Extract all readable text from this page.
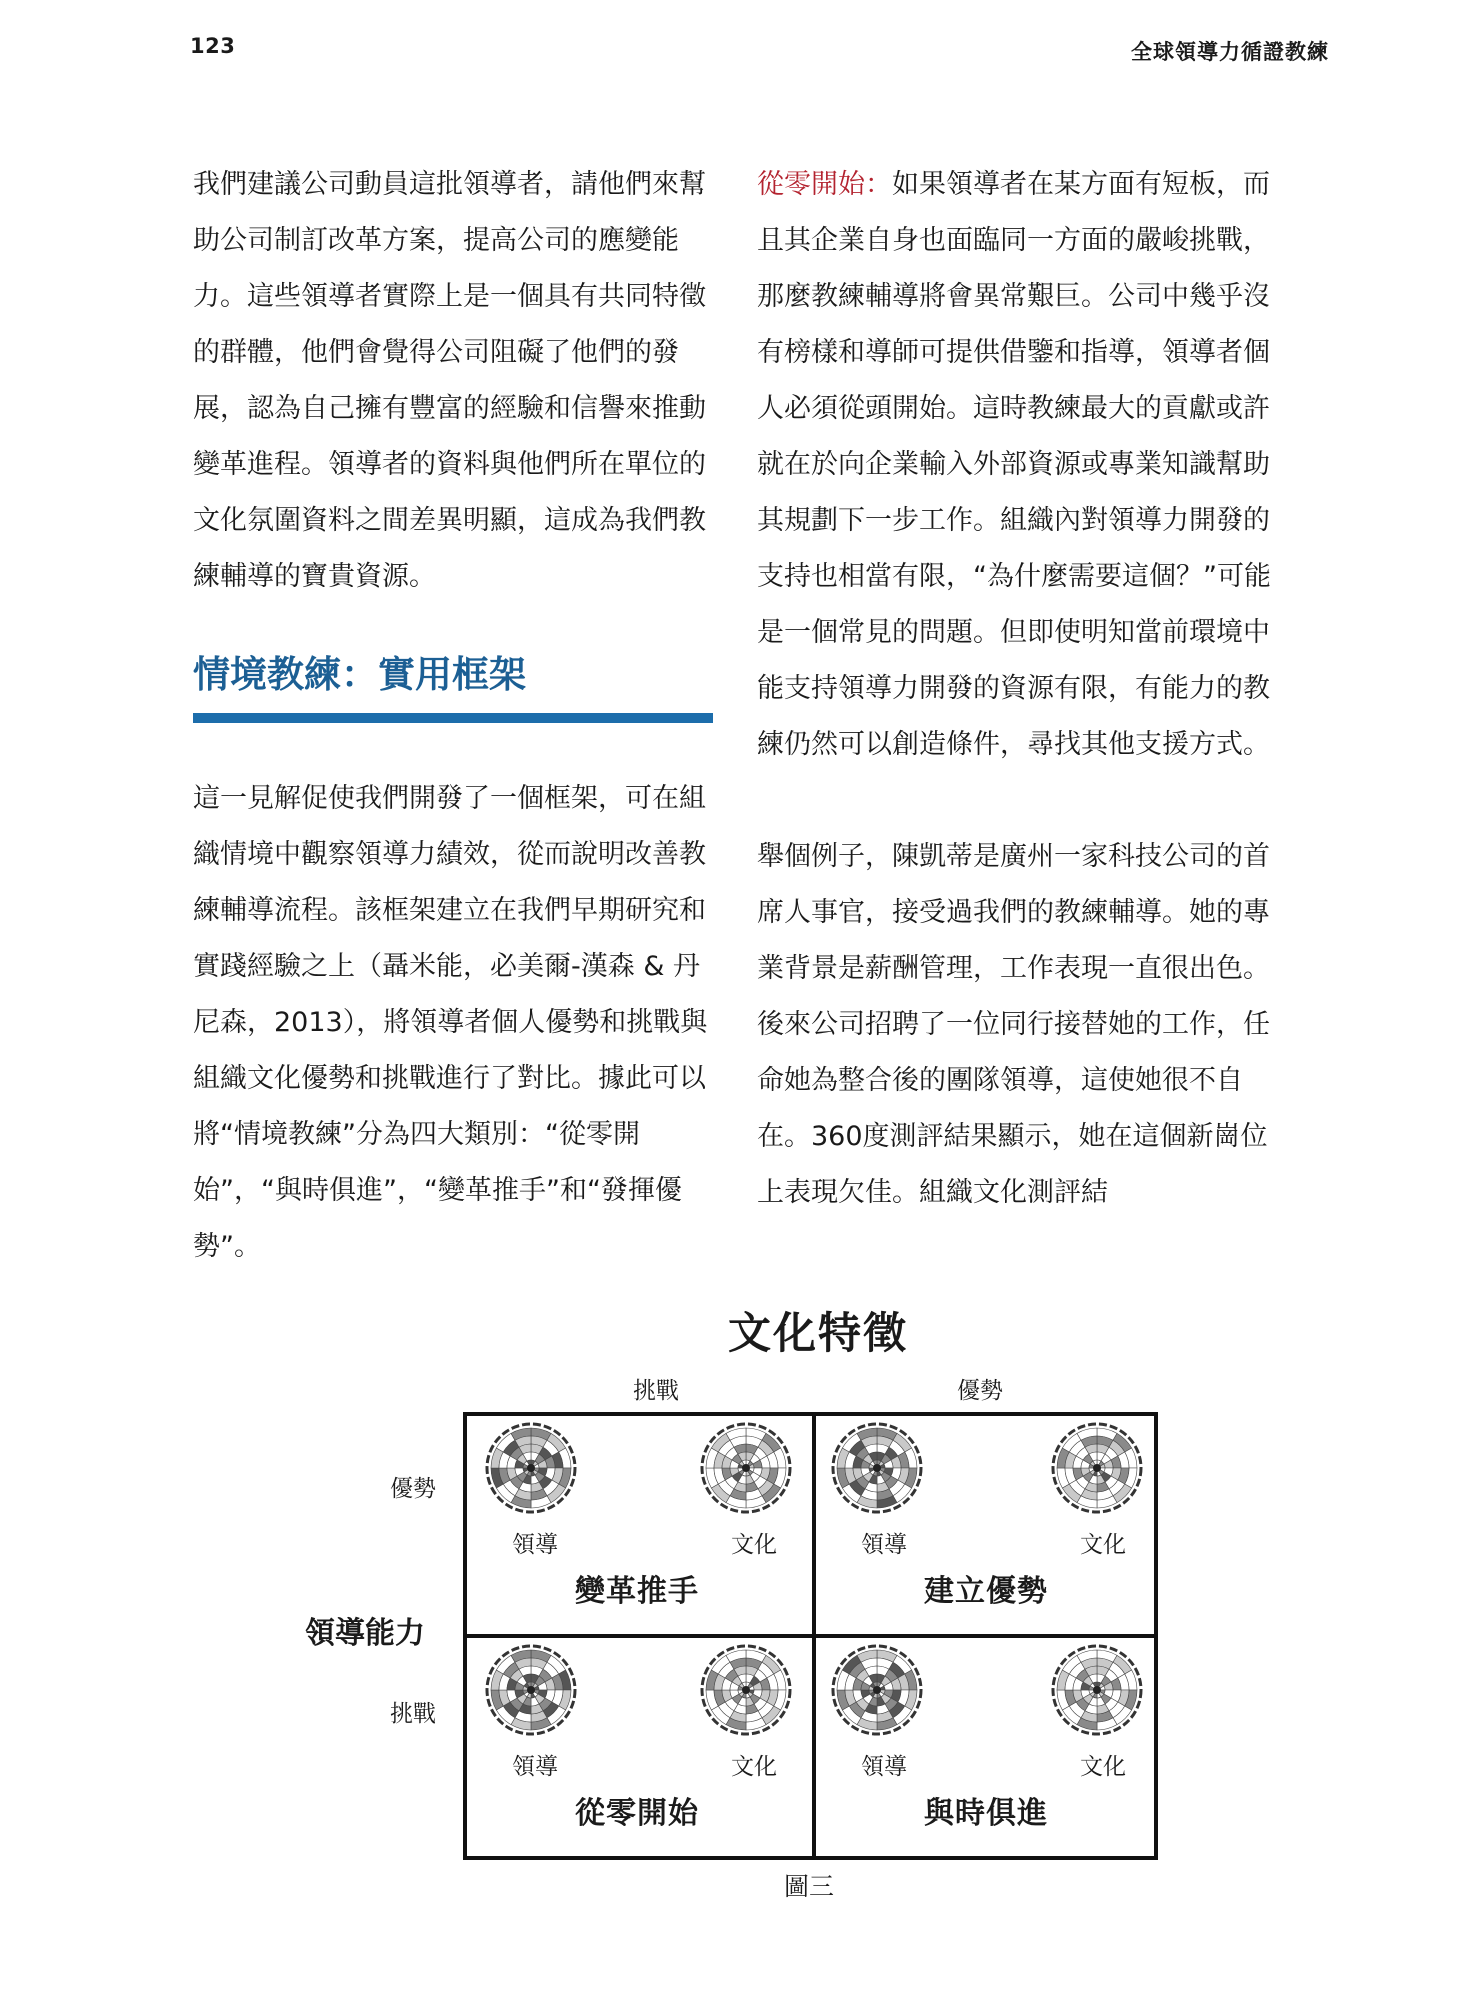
123	全球領導力循證教練

我們建議公司動員這批領導者，請他們來幫助公司制訂改革方案，提高公司的應變能力。這些領導者實際上是一個具有共同特徵的群體，他們會覺得公司阻礙了他們的發展，認為自己擁有豐富的經驗和信譽來推動變革進程。領導者的資料與他們所在單位的文化氛圍資料之間差異明顯，這成為我們教練輔導的寶貴資源。

情境教練：實用框架

這一見解促使我們開發了一個框架，可在組織情境中觀察領導力績效，從而說明改善教練輔導流程。該框架建立在我們早期研究和實踐經驗之上（聶米能，必美爾-漢森 & 丹尼森，2013），將領導者個人優勢和挑戰與組織文化優勢和挑戰進行了對比。據此可以將“情境教練”分為四大類別：“從零開始”，“與時俱進”，“變革推手”和“發揮優勢”。

從零開始：如果領導者在某方面有短板，而且其企業自身也面臨同一方面的嚴峻挑戰，那麼教練輔導將會異常艱巨。公司中幾乎沒有榜樣和導師可提供借鑒和指導，領導者個人必須從頭開始。這時教練最大的貢獻或許就在於向企業輸入外部資源或專業知識幫助其規劃下一步工作。組織內對領導力開發的支持也相當有限，“為什麼需要這個？”可能是一個常見的問題。但即使明知當前環境中能支持領導力開發的資源有限，有能力的教練仍然可以創造條件，尋找其他支援方式。

舉個例子，陳凱蒂是廣州一家科技公司的首席人事官，接受過我們的教練輔導。她的專業背景是薪酬管理，工作表現一直很出色。後來公司招聘了一位同行接替她的工作，任命她為整合後的團隊領導，這使她很不自在。360度測評結果顯示，她在這個新崗位上表現欠佳。組織文化測評結

文化特徵
挑戰	優勢
優勢
挑戰
領導能力
領導	文化
變革推手
領導	文化
建立優勢
領導	文化
從零開始
領導	文化
與時俱進
圖三
